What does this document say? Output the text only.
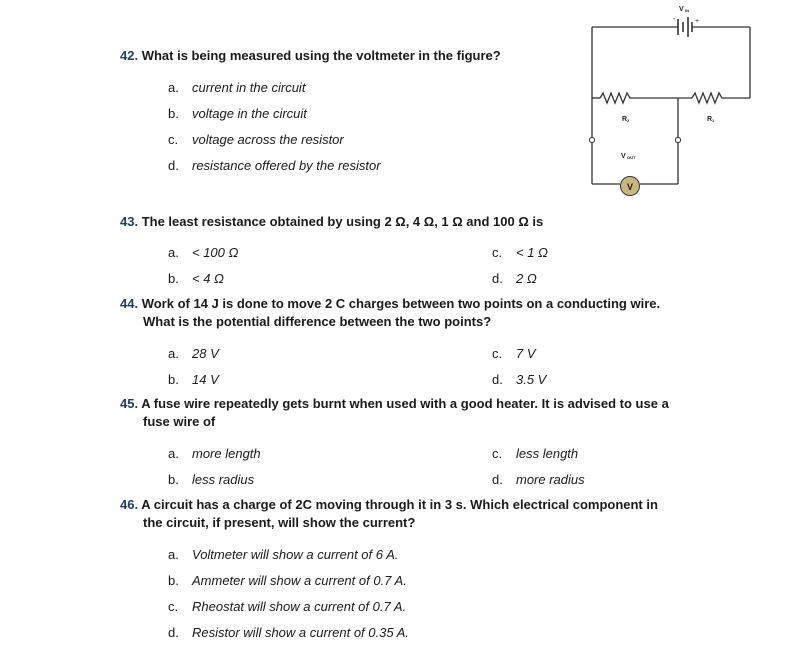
42. What is being measured using the voltmeter in the figure?
a. current in the circuit
b. voltage in the circuit
c. voltage across the resistor
d. resistance offered by the resistor
V
V IN
-	+
R 2	R 1
V OUT
43. The least resistance obtained by using 2 Ω, 4 Ω, 1 Ω and 100 Ω is
a. < 100 Ω
b. < 4 Ω
c. < 1 Ω
d. 2 Ω
44. Work of 14 J is done to move 2 C charges between two points on a conducting wire.
What is the potential difference between the two points?
a. 28 V
b. 14 V
c. 7 V
d. 3.5 V
45. A fuse wire repeatedly gets burnt when used with a good heater. It is advised to use a
fuse wire of
a. more length
b. less radius
c. less length
d. more radius
46. A circuit has a charge of 2C moving through it in 3 s. Which electrical component in
the circuit, if present, will show the current?
a. Voltmeter will show a current of 6 A.
b. Ammeter will show a current of 0.7 A.
c. Rheostat will show a current of 0.7 A.
d. Resistor will show a current of 0.35 A.
